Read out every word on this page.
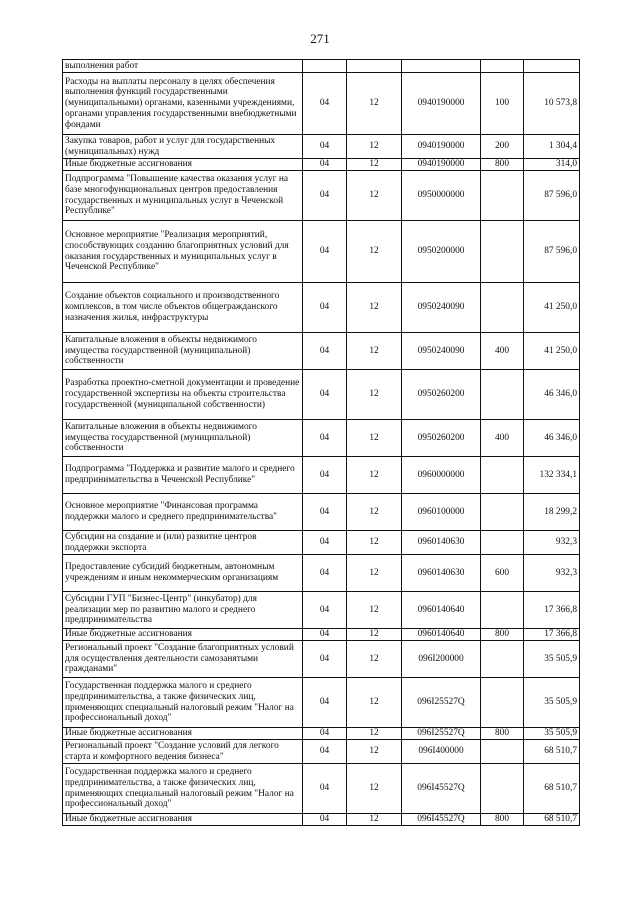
271
выполнения работ					
Расходы на выплаты персоналу в целях обеспечения выполнения функций государственными (муниципальными) органами, казенными учреждениями, органами управления государственными внебюджетными фондами	04	12	0940190000	100	10 573,8
Закупка товаров, работ и услуг для государственных (муниципальных) нужд	04	12	0940190000	200	1 304,4
Иные бюджетные ассигнования	04	12	0940190000	800	314,0
Подпрограмма "Повышение качества оказания услуг на базе многофункциональных центров предоставления государственных и муниципальных услуг в Чеченской Республике"	04	12	0950000000		87 596,0
Основное мероприятие "Реализация мероприятий, способствующих созданию благоприятных условий для оказания государственных и муниципальных услуг в Чеченской Республике"	04	12	0950200000		87 596,0
Создание объектов социального и производственного комплексов, в том числе объектов общегражданского назначения жилья, инфраструктуры	04	12	0950240090		41 250,0
Капитальные вложения в объекты недвижимого имущества государственной (муниципальной) собственности	04	12	0950240090	400	41 250,0
Разработка проектно-сметной документации и проведение государственной экспертизы на объекты строительства государственной (муниципальной собственности)	04	12	0950260200		46 346,0
Капитальные вложения в объекты недвижимого имущества государственной (муниципальной) собственности	04	12	0950260200	400	46 346,0
Подпрограмма "Поддержка и развитие малого и среднего предпринимательства в Чеченской Республике"	04	12	0960000000		132 334,1
Основное мероприятие "Финансовая программа поддержки малого и среднего предпринимательства"	04	12	0960100000		18 299,2
Субсидии на создание и (или) развитие центров поддержки экспорта	04	12	0960140630		932,3
Предоставление субсидий бюджетным, автономным учреждениям и иным некоммерческим организациям	04	12	0960140630	600	932,3
Субсидии ГУП "Бизнес-Центр" (инкубатор) для реализации мер по развитию малого и среднего предпринимательства	04	12	0960140640		17 366,8
Иные бюджетные ассигнования	04	12	0960140640	800	17 366,8
Региональный проект "Создание благоприятных условий для осуществления деятельности самозанятыми гражданами"	04	12	096I200000		35 505,9
Государственная поддержка малого и среднего предпринимательства, а также физических лиц, применяющих специальный налоговый режим "Налог на профессиональный доход"	04	12	096I25527Q		35 505,9
Иные бюджетные ассигнования	04	12	096I25527Q	800	35 505,9
Региональный проект "Создание условий для легкого старта и комфортного ведения бизнеса"	04	12	096I400000		68 510,7
Государственная поддержка малого и среднего предпринимательства, а также физических лиц, применяющих специальный налоговый режим "Налог на профессиональный доход"	04	12	096I45527Q		68 510,7
Иные бюджетные ассигнования	04	12	096I45527Q	800	68 510,7
